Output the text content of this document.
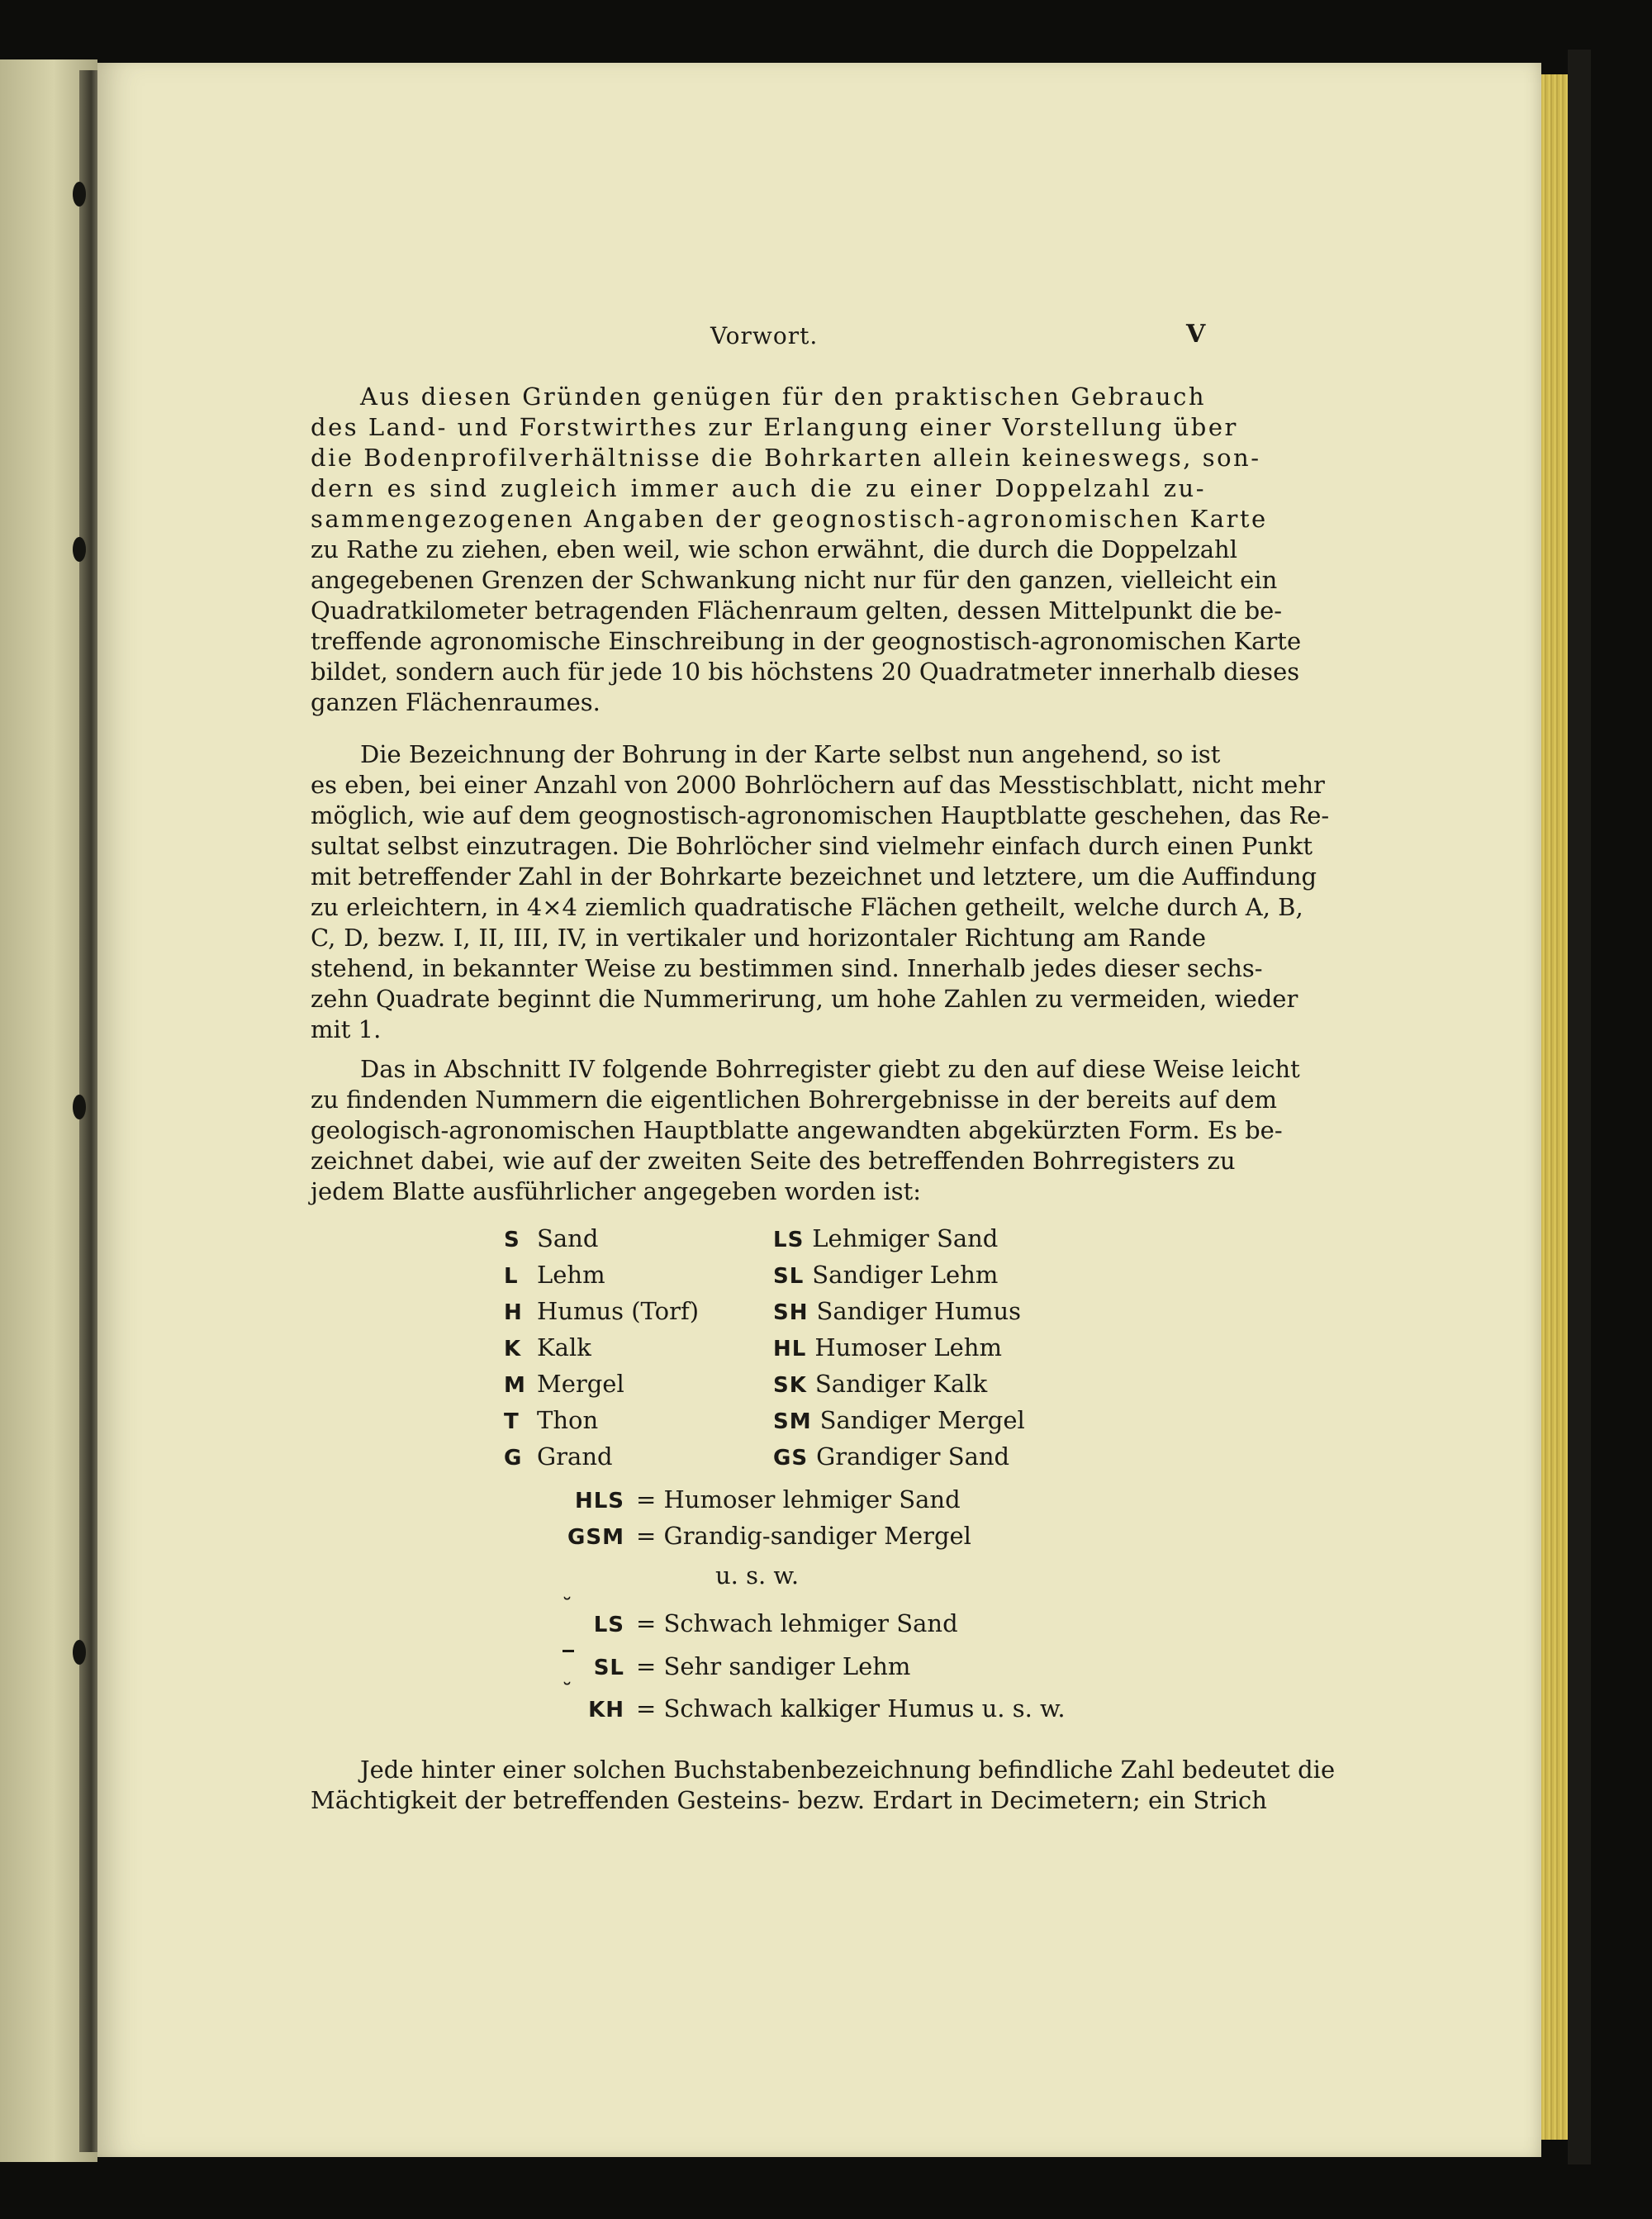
Vorwort.	V
Aus diesen Gründen genügen für den praktischen Gebrauch
des Land- und Forstwirthes zur Erlangung einer Vorstellung über
die Bodenprofilverhältnisse die Bohrkarten allein keineswegs, son-
dern es sind zugleich immer auch die zu einer Doppelzahl zu-
sammengezogenen Angaben der geognostisch-agronomischen Karte
zu Rathe zu ziehen, eben weil, wie schon erwähnt, die durch die Doppelzahl
angegebenen Grenzen der Schwankung nicht nur für den ganzen, vielleicht ein
Quadratkilometer betragenden Flächenraum gelten, dessen Mittelpunkt die be-
treffende agronomische Einschreibung in der geognostisch-agronomischen Karte
bildet, sondern auch für jede 10 bis höchstens 20 Quadratmeter innerhalb dieses
ganzen Flächenraumes.
Die Bezeichnung der Bohrung in der Karte selbst nun angehend, so ist
es eben, bei einer Anzahl von 2000 Bohrlöchern auf das Messtischblatt, nicht mehr
möglich, wie auf dem geognostisch-agronomischen Hauptblatte geschehen, das Re-
sultat selbst einzutragen. Die Bohrlöcher sind vielmehr einfach durch einen Punkt
mit betreffender Zahl in der Bohrkarte bezeichnet und letztere, um die Auffindung
zu erleichtern, in 4×4 ziemlich quadratische Flächen getheilt, welche durch A, B,
C, D, bezw. I, II, III, IV, in vertikaler und horizontaler Richtung am Rande
stehend, in bekannter Weise zu bestimmen sind. Innerhalb jedes dieser sechs-
zehn Quadrate beginnt die Nummerirung, um hohe Zahlen zu vermeiden, wieder
mit 1.
Das in Abschnitt IV folgende Bohrregister giebt zu den auf diese Weise leicht
zu findenden Nummern die eigentlichen Bohrergebnisse in der bereits auf dem
geologisch-agronomischen Hauptblatte angewandten abgekürzten Form. Es be-
zeichnet dabei, wie auf der zweiten Seite des betreffenden Bohrregisters zu
jedem Blatte ausführlicher angegeben worden ist:
S Sand
L Lehm
H Humus (Torf)
K Kalk
M Mergel
T Thon
G Grand
LS Lehmiger Sand
SL Sandiger Lehm
SH Sandiger Humus
HL Humoser Lehm
SK Sandiger Kalk
SM Sandiger Mergel
GS Grandiger Sand
HLS = Humoser lehmiger Sand
GSM = Grandig-sandiger Mergel
u. s. w.
˘ LS = Schwach lehmiger Sand
SL = Sehr sandiger Lehm
˘ KH = Schwach kalkiger Humus u. s. w.
Jede hinter einer solchen Buchstabenbezeichnung befindliche Zahl bedeutet die
Mächtigkeit der betreffenden Gesteins- bezw. Erdart in Decimetern; ein Strich
